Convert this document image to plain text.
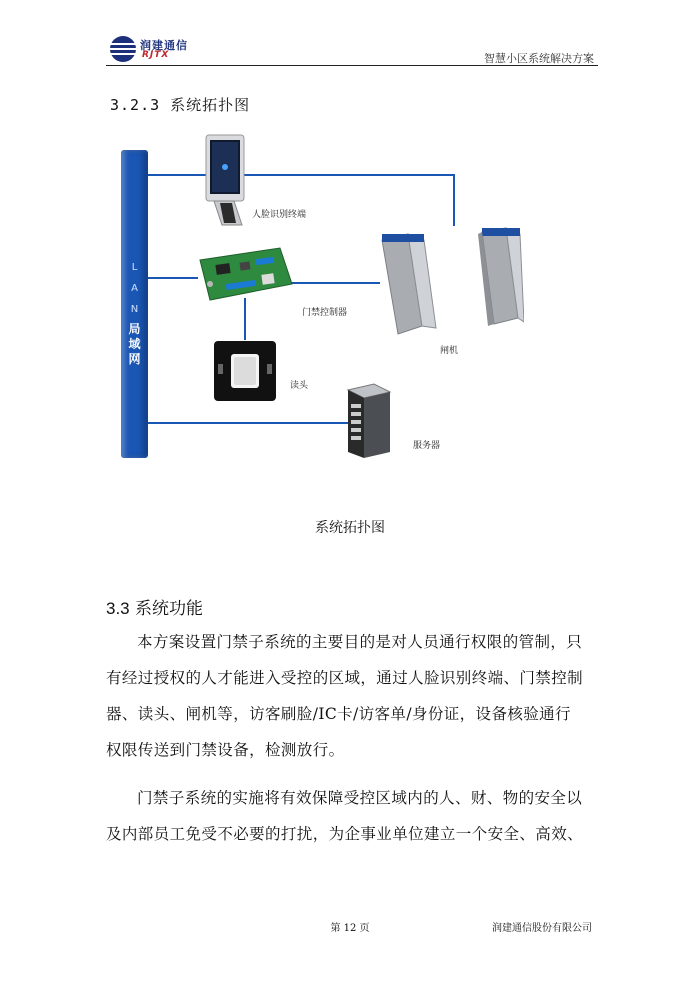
润建通信
RJTX	智慧小区系统解决方案
3.2.3 系统拓扑图
L
A
N
局
域
网
人脸识别终端
门禁控制器
读头
闸机
服务器
系统拓扑图
3.3 系统功能

本方案设置门禁子系统的主要目的是对人员通行权限的管制，只

有经过授权的人才能进入受控的区域，通过人脸识别终端、门禁控制

器、读头、闸机等，访客刷脸/IC卡/访客单/身份证，设备核验通行

权限传送到门禁设备，检测放行。

门禁子系统的实施将有效保障受控区域内的人、财、物的安全以

及内部员工免受不必要的打扰，为企事业单位建立一个安全、高效、

第 12 页	润建通信股份有限公司
